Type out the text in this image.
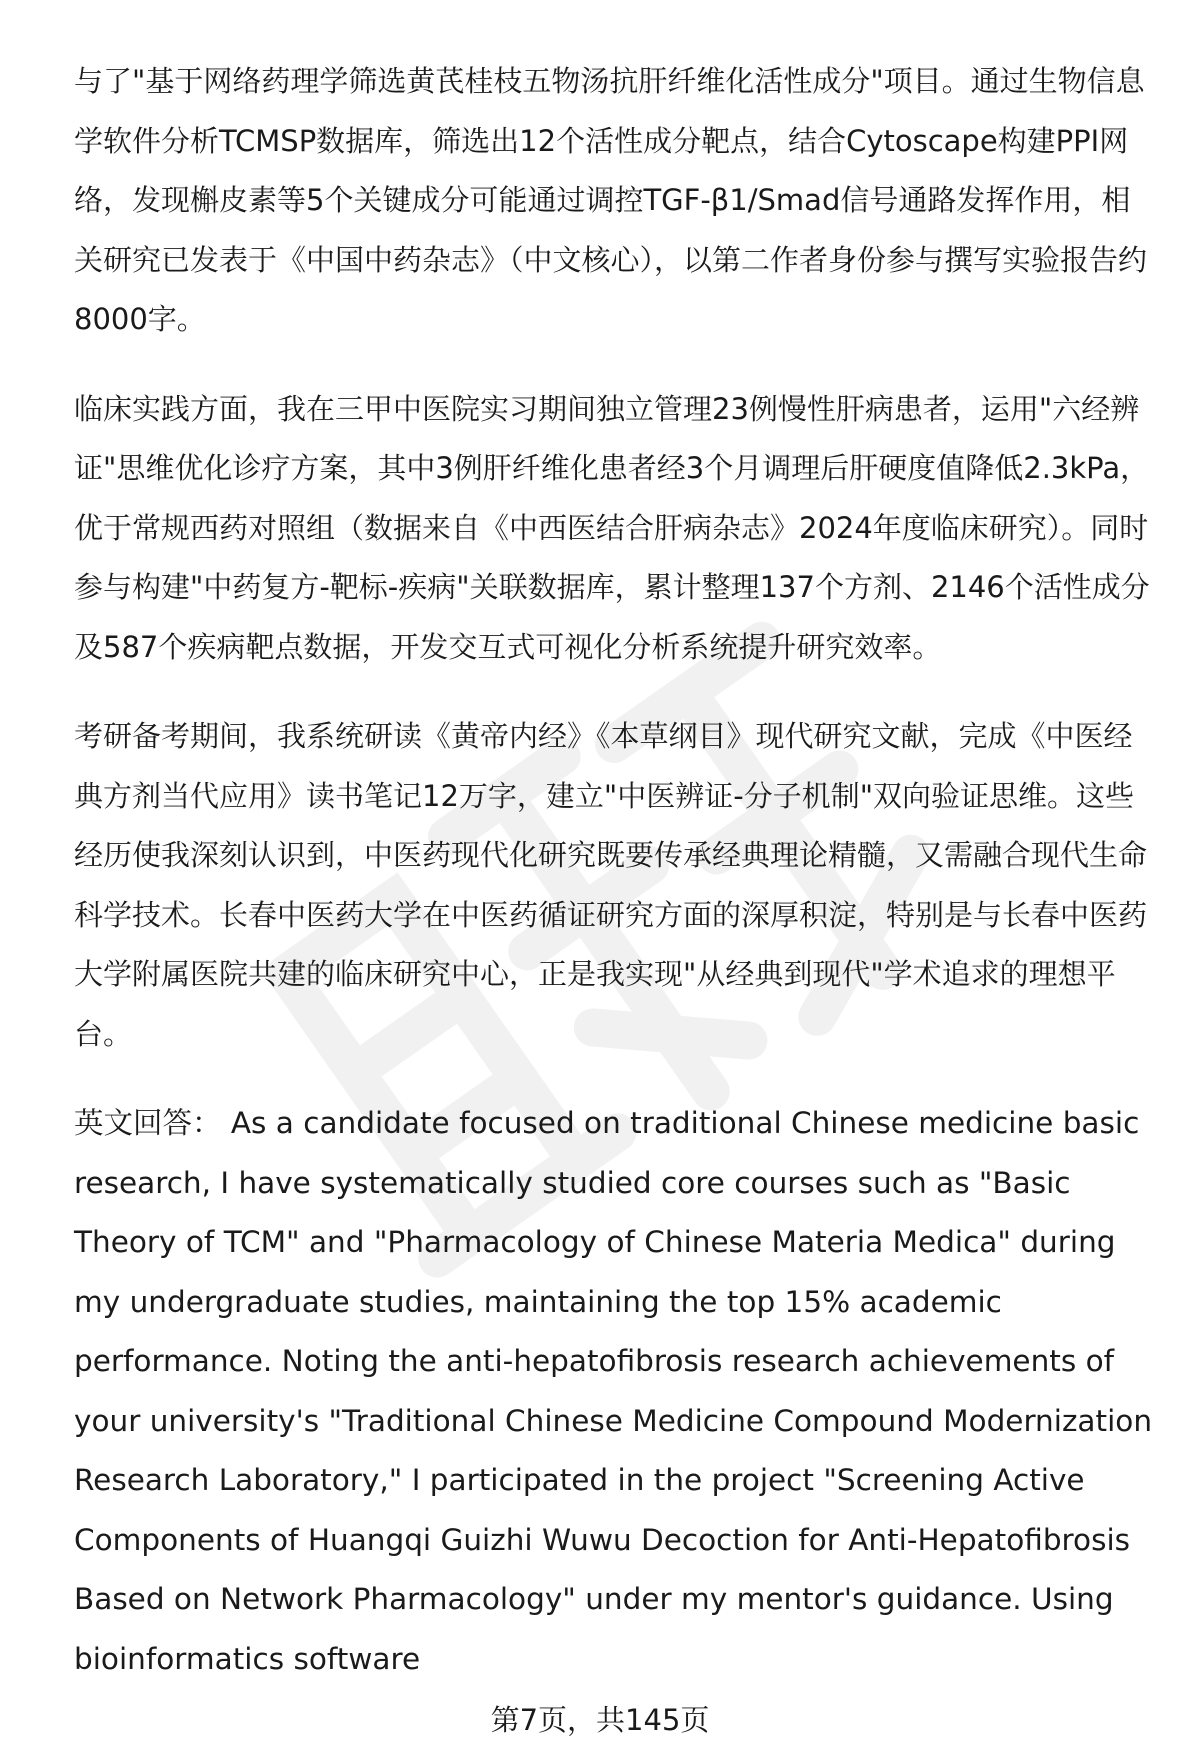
与了"基于网络药理学筛选黄芪桂枝五物汤抗肝纤维化活性成分"项目。通过生物信息学软件分析TCMSP数据库，筛选出12个活性成分靶点，结合Cytoscape构建PPI网络，发现槲皮素等5个关键成分可能通过调控TGF-β1/Smad信号通路发挥作用，相关研究已发表于《中国中药杂志》（中文核心），以第二作者身份参与撰写实验报告约8000字。

临床实践方面，我在三甲中医院实习期间独立管理23例慢性肝病患者，运用"六经辨证"思维优化诊疗方案，其中3例肝纤维化患者经3个月调理后肝硬度值降低2.3kPa，优于常规西药对照组（数据来自《中西医结合肝病杂志》2024年度临床研究）。同时参与构建"中药复方-靶标-疾病"关联数据库，累计整理137个方剂、2146个活性成分及587个疾病靶点数据，开发交互式可视化分析系统提升研究效率。

考研备考期间，我系统研读《黄帝内经》《本草纲目》现代研究文献，完成《中医经典方剂当代应用》读书笔记12万字，建立"中医辨证-分子机制"双向验证思维。这些经历使我深刻认识到，中医药现代化研究既要传承经典理论精髓，又需融合现代生命科学技术。长春中医药大学在中医药循证研究方面的深厚积淀，特别是与长春中医药大学附属医院共建的临床研究中心，正是我实现"从经典到现代"学术追求的理想平台。

英文回答： As a candidate focused on traditional Chinese medicine basic research, I have systematically studied core courses such as "Basic Theory of TCM" and "Pharmacology of Chinese Materia Medica" during my undergraduate studies, maintaining the top 15% academic performance. Noting the anti-hepatofibrosis research achievements of your university's "Traditional Chinese Medicine Compound Modernization Research Laboratory," I participated in the project "Screening Active Components of Huangqi Guizhi Wuwu Decoction for Anti-Hepatofibrosis Based on Network Pharmacology" under my mentor's guidance. Using bioinformatics software

第7页，共145页
